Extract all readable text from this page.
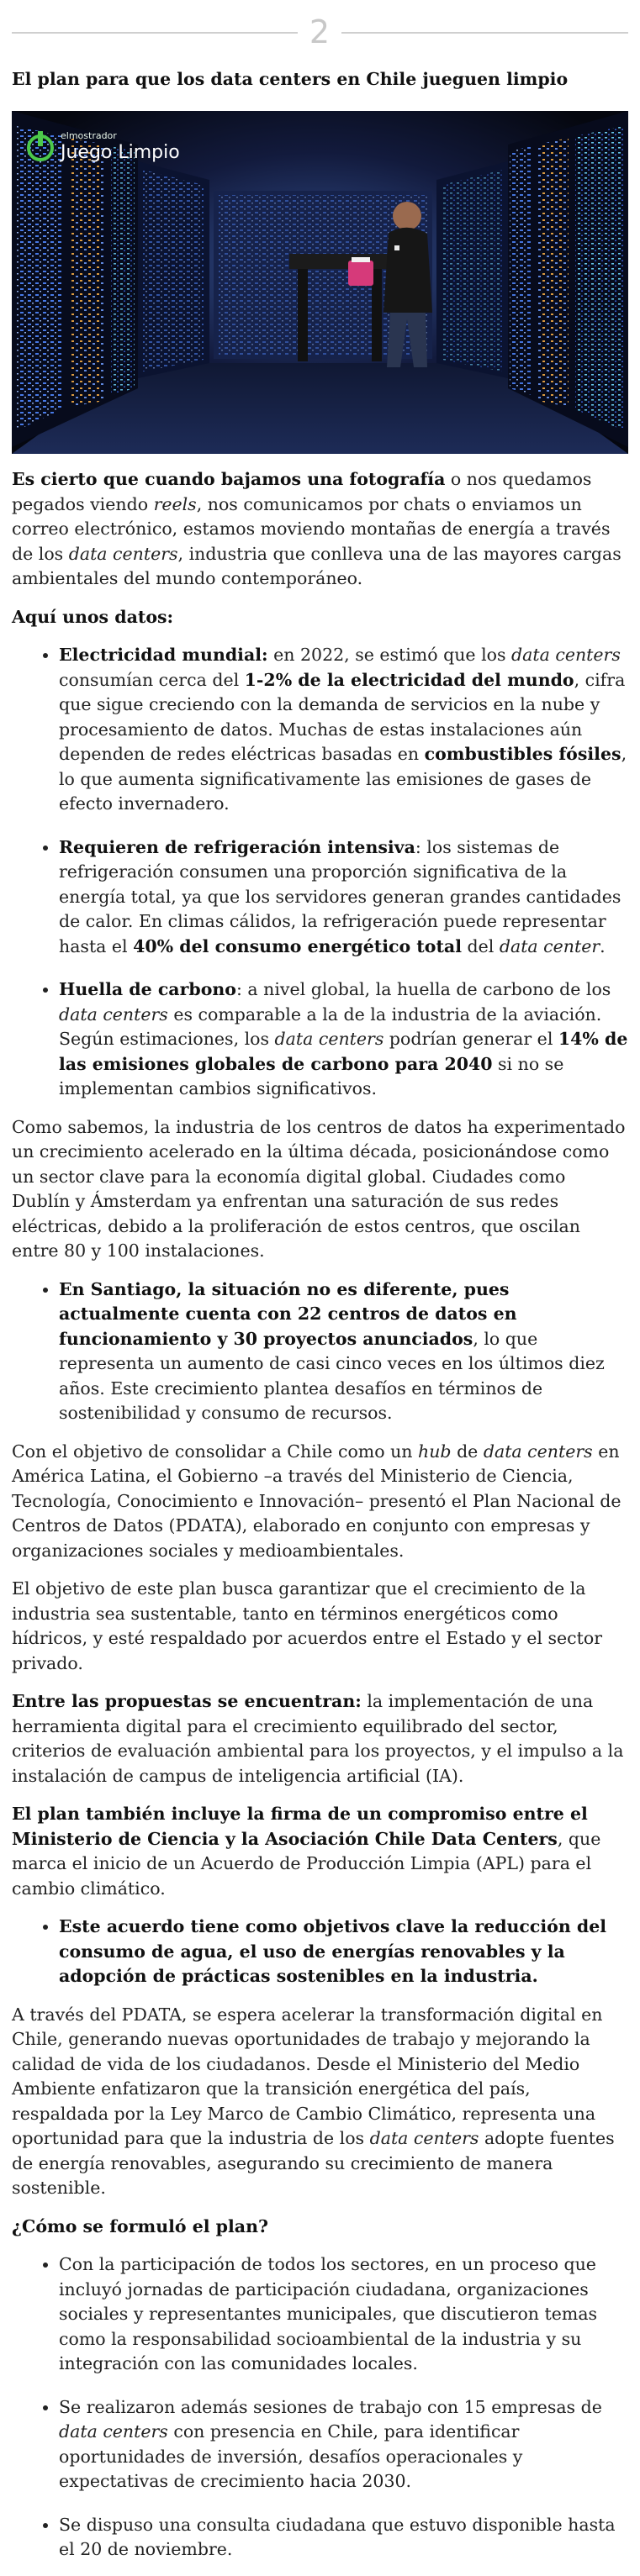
2
El plan para que los data centers en Chile jueguen limpio
elmostrador
Juego Limpio

Es cierto que cuando bajamos una fotografía o nos quedamos pegados viendo reels, nos comunicamos por chats o enviamos un correo electrónico, estamos moviendo montañas de energía a través de los data centers, industria que conlleva una de las mayores cargas ambientales del mundo contemporáneo.

Aquí unos datos:

• Electricidad mundial: en 2022, se estimó que los data centers consumían cerca del 1-2% de la electricidad del mundo, cifra que sigue creciendo con la demanda de servicios en la nube y procesamiento de datos. Muchas de estas instalaciones aún dependen de redes eléctricas basadas en combustibles fósiles, lo que aumenta significativamente las emisiones de gases de efecto invernadero.
• Requieren de refrigeración intensiva: los sistemas de refrigeración consumen una proporción significativa de la energía total, ya que los servidores generan grandes cantidades de calor. En climas cálidos, la refrigeración puede representar hasta el 40% del consumo energético total del data center.
• Huella de carbono: a nivel global, la huella de carbono de los data centers es comparable a la de la industria de la aviación. Según estimaciones, los data centers podrían generar el 14% de las emisiones globales de carbono para 2040 si no se implementan cambios significativos.

Como sabemos, la industria de los centros de datos ha experimentado un crecimiento acelerado en la última década, posicionándose como un sector clave para la economía digital global. Ciudades como Dublín y Ámsterdam ya enfrentan una saturación de sus redes eléctricas, debido a la proliferación de estos centros, que oscilan entre 80 y 100 instalaciones.

• En Santiago, la situación no es diferente, pues actualmente cuenta con 22 centros de datos en funcionamiento y 30 proyectos anunciados, lo que representa un aumento de casi cinco veces en los últimos diez años. Este crecimiento plantea desafíos en términos de sostenibilidad y consumo de recursos.

Con el objetivo de consolidar a Chile como un hub de data centers en América Latina, el Gobierno –a través del Ministerio de Ciencia, Tecnología, Conocimiento e Innovación– presentó el Plan Nacional de Centros de Datos (PDATA), elaborado en conjunto con empresas y organizaciones sociales y medioambientales.

El objetivo de este plan busca garantizar que el crecimiento de la industria sea sustentable, tanto en términos energéticos como hídricos, y esté respaldado por acuerdos entre el Estado y el sector privado.

Entre las propuestas se encuentran: la implementación de una herramienta digital para el crecimiento equilibrado del sector, criterios de evaluación ambiental para los proyectos, y el impulso a la instalación de campus de inteligencia artificial (IA).

El plan también incluye la firma de un compromiso entre el Ministerio de Ciencia y la Asociación Chile Data Centers, que marca el inicio de un Acuerdo de Producción Limpia (APL) para el cambio climático.

• Este acuerdo tiene como objetivos clave la reducción del consumo de agua, el uso de energías renovables y la adopción de prácticas sostenibles en la industria.

A través del PDATA, se espera acelerar la transformación digital en Chile, generando nuevas oportunidades de trabajo y mejorando la calidad de vida de los ciudadanos. Desde el Ministerio del Medio Ambiente enfatizaron que la transición energética del país, respaldada por la Ley Marco de Cambio Climático, representa una oportunidad para que la industria de los data centers adopte fuentes de energía renovables, asegurando su crecimiento de manera sostenible.

¿Cómo se formuló el plan?

• Con la participación de todos los sectores, en un proceso que incluyó jornadas de participación ciudadana, organizaciones sociales y representantes municipales, que discutieron temas como la responsabilidad socioambiental de la industria y su integración con las comunidades locales.
• Se realizaron además sesiones de trabajo con 15 empresas de data centers con presencia en Chile, para identificar oportunidades de inversión, desafíos operacionales y expectativas de crecimiento hacia 2030.
• Se dispuso una consulta ciudadana que estuvo disponible hasta el 20 de noviembre.
